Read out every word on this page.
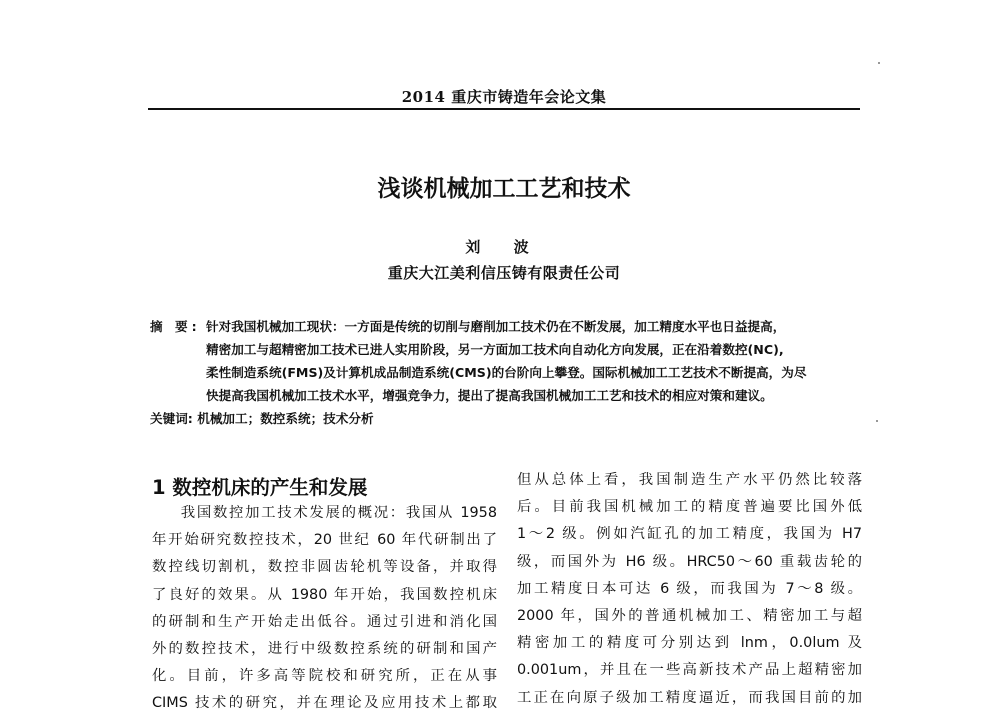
2014 重庆市铸造年会论文集
浅谈机械加工工艺和技术
刘 波
重庆大江美利信压铸有限责任公司
摘 要: 针对我国机械加工现状：一方面是传统的切削与磨削加工技术仍在不断发展，加工精度水平也日益提高，
精密加工与超精密加工技术已进人实用阶段，另一方面加工技术向自动化方向发展，正在沿着数控(NC),
柔性制造系统(FMS)及计算机成品制造系统(CMS)的台阶向上攀登。国际机械加工工艺技术不断提高，为尽
快提高我国机械加工技术水平，增强竞争力，提出了提高我国机械加工工艺和技术的相应对策和建议。
关键词: 机械加工；数控系统；技术分析
1 数控机床的产生和发展
我国数控加工技术发展的概况：我国从 1958
年开始研究数控技术，20 世纪 60 年代研制出了
数控线切割机，数控非圆齿轮机等设备，并取得
了良好的效果。从 1980 年开始，我国数控机床
的研制和生产开始走出低谷。通过引进和消化国
外的数控技术，进行中级数控系统的研制和国产
化。目前，许多高等院校和研究所，正在从事
CIMS 技术的研究，并在理论及应用技术上都取
但从总体上看，我国制造生产水平仍然比较落
后。目前我国机械加工的精度普遍要比国外低
1～2 级。例如汽缸孔的加工精度，我国为 H7
级，而国外为 H6 级。HRC50～60 重载齿轮的
加工精度日本可达 6 级，而我国为 7～8 级。
2000 年，国外的普通机械加工、精密加工与超
精密加工的精度可分别达到 lnm，0.0lum 及
0.001um，并且在一些高新技术产品上超精密加
工正在向原子级加工精度逼近，而我国目前的加
